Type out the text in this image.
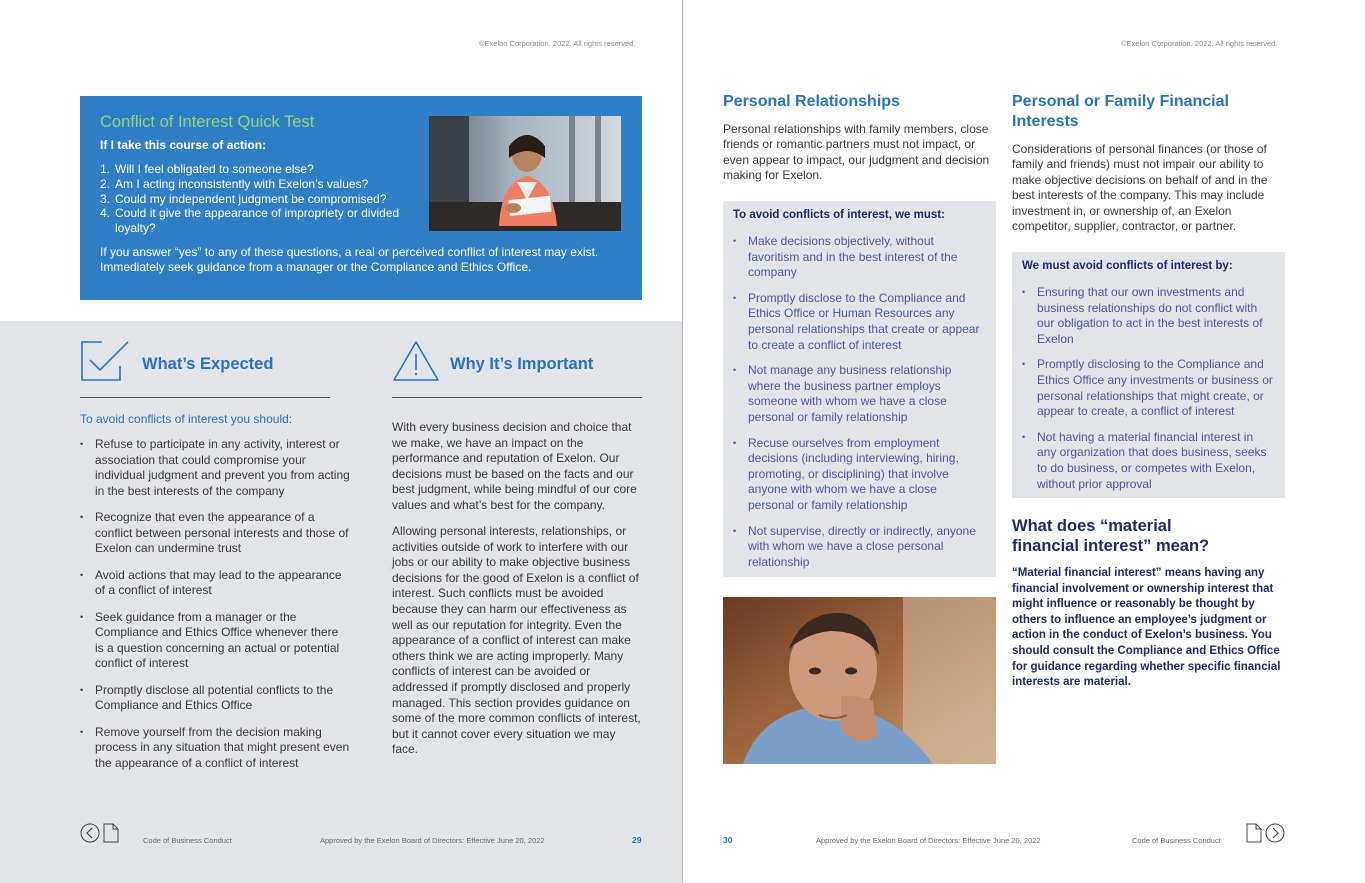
©Exelon Corporation. 2022. All rights reserved.
Conflict of Interest Quick Test
If I take this course of action:
1. Will I feel obligated to someone else?
2. Am I acting inconsistently with Exelon’s values?
3. Could my independent judgment be compromised?
4. Could it give the appearance of impropriety or divided loyalty?
If you answer “yes” to any of these questions, a real or perceived conflict of interest may exist. Immediately seek guidance from a manager or the Compliance and Ethics Office.
What’s Expected
To avoid conflicts of interest you should:
• Refuse to participate in any activity, interest or association that could compromise your individual judgment and prevent you from acting in the best interests of the company
• Recognize that even the appearance of a conflict between personal interests and those of Exelon can undermine trust
• Avoid actions that may lead to the appearance of a conflict of interest
• Seek guidance from a manager or the Compliance and Ethics Office whenever there is a question concerning an actual or potential conflict of interest
• Promptly disclose all potential conflicts to the Compliance and Ethics Office
• Remove yourself from the decision making process in any situation that might present even the appearance of a conflict of interest
Why It’s Important

With every business decision and choice that we make, we have an impact on the performance and reputation of Exelon. Our decisions must be based on the facts and our best judgment, while being mindful of our core values and what’s best for the company.

Allowing personal interests, relationships, or activities outside of work to interfere with our jobs or our ability to make objective business decisions for the good of Exelon is a conflict of interest. Such conflicts must be avoided because they can harm our effectiveness as well as our reputation for integrity. Even the appearance of a conflict of interest can make others think we are acting improperly. Many conflicts of interest can be avoided or addressed if promptly disclosed and properly managed. This section provides guidance on some of the more common conflicts of interest, but it cannot cover every situation we may face.

Code of Business Conduct	Approved by the Exelon Board of Directors: Effective June 20, 2022	29
©Exelon Corporation. 2022. All rights reserved.
Personal Relationships

Personal relationships with family members, close friends or romantic partners must not impact, or even appear to impact, our judgment and decision making for Exelon.

To avoid conflicts of interest, we must:
• Make decisions objectively, without favoritism and in the best interest of the company
• Promptly disclose to the Compliance and Ethics Office or Human Resources any personal relationships that create or appear to create a conflict of interest
• Not manage any business relationship where the business partner employs someone with whom we have a close personal or family relationship
• Recuse ourselves from employment decisions (including interviewing, hiring, promoting, or disciplining) that involve anyone with whom we have a close personal or family relationship
• Not supervise, directly or indirectly, anyone with whom we have a close personal relationship
Personal or Family Financial Interests

Considerations of personal finances (or those of family and friends) must not impair our ability to make objective decisions on behalf of and in the best interests of the company. This may include investment in, or ownership of, an Exelon competitor, supplier, contractor, or partner.

We must avoid conflicts of interest by:
• Ensuring that our own investments and business relationships do not conflict with our obligation to act in the best interests of Exelon
• Promptly disclosing to the Compliance and Ethics Office any investments or business or personal relationships that might create, or appear to create, a conflict of interest
• Not having a material financial interest in any organization that does business, seeks to do business, or competes with Exelon, without prior approval
What does “material financial interest” mean?

“Material financial interest” means having any financial involvement or ownership interest that might influence or reasonably be thought by others to influence an employee’s judgment or action in the conduct of Exelon’s business. You should consult the Compliance and Ethics Office for guidance regarding whether specific financial interests are material.

30	Approved by the Exelon Board of Directors: Effective June 20, 2022	Code of Business Conduct
